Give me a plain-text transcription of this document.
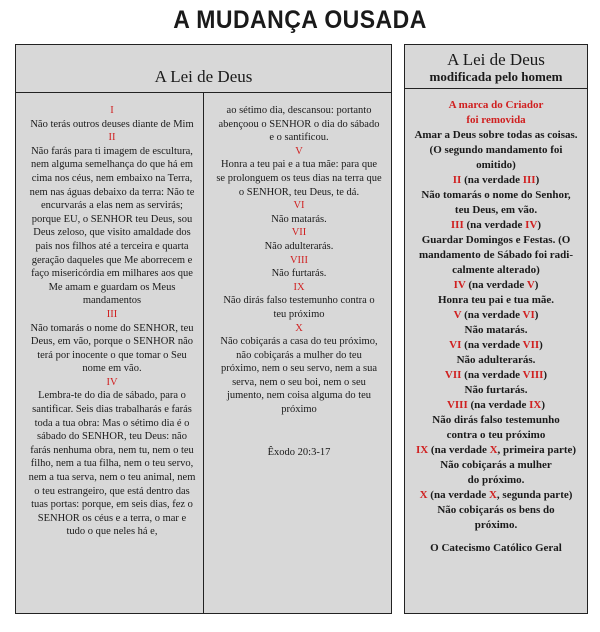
A MUDANÇA OUSADA
A Lei de Deus
I
Não terás outros deuses diante de Mim
II
Não farás para ti imagem de escultura, nem alguma semelhança do que há em cima nos céus, nem embaixo na Terra, nem nas águas debaixo da terra: Não te encurvarás a elas nem as servirás; porque EU, o SENHOR teu Deus, sou Deus zeloso, que visito amaldade dos pais nos filhos até a terceira e quarta geração daqueles que Me aborrecem e faço misericórdia em milhares aos que Me amam e guardam os Meus mandamentos
III
Não tomarás o nome do SENHOR, teu Deus, em vão, porque o SENHOR não terá por inocente o que tomar o Seu nome em vão.
IV
Lembra-te do dia de sábado, para o santificar. Seis dias trabalharás e farás toda a tua obra: Mas o sétimo dia é o sábado do SENHOR, teu Deus: não farás nenhuma obra, nem tu, nem o teu filho, nem a tua filha, nem o teu servo, nem a tua serva, nem o teu animal, nem o teu estrangeiro, que está dentro das tuas portas: porque, em seis dias, fez o SENHOR os céus e a terra, o mar e tudo o que neles há e,
ao sétimo dia, descansou: portanto abençoou o SENHOR o dia do sábado e o santificou.
V
Honra a teu pai e a tua mãe: para que se prolonguem os teus dias na terra que o SENHOR, teu Deus, te dá.
VI
Não matarás.
VII
Não adulterarás.
VIII
Não furtarás.
IX
Não dirás falso testemunho contra o teu próximo
X
Não cobiçarás a casa do teu próximo, não cobiçarás a mulher do teu próximo, nem o seu servo, nem a sua serva, nem o seu boi, nem o seu jumento, nem coisa alguma do teu próximo
Êxodo 20:3-17
A Lei de Deus
modificada pelo homem
A marca do Criador
foi removida
Amar a Deus sobre todas as coisas.
(O segundo mandamento foi
omitido)
II (na verdade III)
Não tomarás o nome do Senhor,
teu Deus, em vão.
III (na verdade IV)
Guardar Domingos e Festas. (O
mandamento de Sábado foi radi-
calmente alterado)
IV (na verdade V)
Honra teu pai e tua mãe.
V (na verdade VI)
Não matarás.
VI (na verdade VII)
Não adulterarás.
VII (na verdade VIII)
Não furtarás.
VIII (na verdade IX)
Não dirás falso testemunho
contra o teu próximo
IX (na verdade X, primeira parte)
Não cobiçarás a mulher
do próximo.
X (na verdade X, segunda parte)
Não cobiçarás os bens do
próximo.
O Catecismo Católico Geral
